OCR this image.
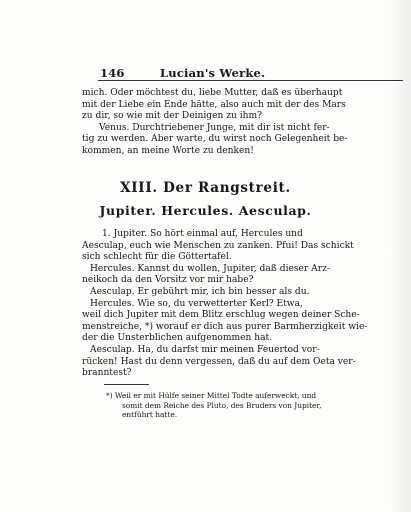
146	Lucian's Werke.
mich. Oder möchtest du, liebe Mutter, daß es überhaupt
mit der Liebe ein Ende hätte, also auch mit der des Mars
zu dir, so wie mit der Deinigen zu ihm?
Venus. Durchtriebener Junge, mit dir ist nicht fer-
tig zu werden. Aber warte, du wirst noch Gelegenheit be-
kommen, an meine Worte zu denken!
XIII. Der Rangstreit.
Jupiter. Hercules. Aesculap.
1. Jupiter. So hört einmal auf, Hercules und
Aesculap, euch wie Menschen zu zanken. Pfui! Das schickt
sich schlecht für die Göttertafel.
Hercules. Kannst du wollen, Jupiter, daß dieser Arz-
neikoch da den Vorsitz vor mir habe?
Aesculap. Er gebührt mir, ich bin besser als du.
Hercules. Wie so, du verwetterter Kerl? Etwa,
weil dich Jupiter mit dem Blitz erschlug wegen deiner Sche-
menstreiche, *) worauf er dich aus purer Barmherzigkeit wie-
der die Unsterblichen aufgenommen hat.
Aesculap. Ha, du darfst mir meinen Feuertod vor-
rücken! Hast du denn vergessen, daß du auf dem Oeta ver-
branntest?
*) Weil er mit Hülfe seiner Mittel Todte auferweckt, und
somit dem Reiche des Pluto, des Bruders von Jupiter,
entführt hatte.
